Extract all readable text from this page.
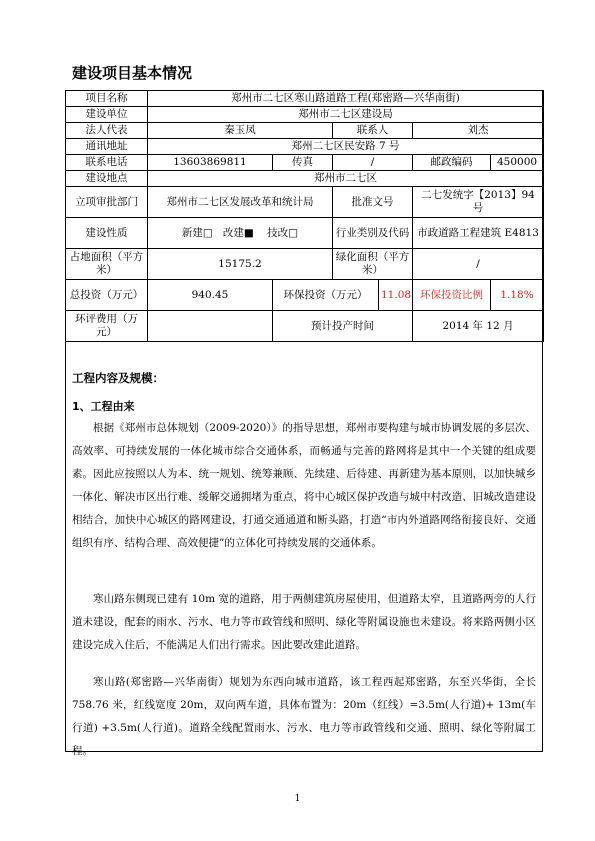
建设项目基本情况
项目名称	郑州市二七区寒山路道路工程(郑密路—兴华南街)					
建设单位	郑州市二七区建设局					
法人代表	秦玉凤		联系人		刘杰	
通讯地址	郑州二七区民安路 7 号					
联系电话	13603869811	传真	/		邮政编码	450000
建设地点	郑州市二七区					
立项审批部门	郑州市二七区发展改革和统计局		批准文号		二七发统字【2013】94 号	
建设性质	新建□ 改建■ 技改□		行业类别及代码		市政道路工程建筑 E4813	
占地面积（平方米）	15175.2		绿化面积（平方米）		/	
总投资（万元）	940.45	环保投资（万元）		11.08	环保投资比例	1.18%
环评费用（万元）		预计投产时间			2014 年 12 月	
工程内容及规模：
1、工程由来
根据《郑州市总体规划（2009-2020）》的指导思想，郑州市要构建与城市协调发展的多层次、高效率、可持续发展的一体化城市综合交通体系，而畅通与完善的路网将是其中一个关键的组成要素。因此应按照以人为本、统一规划、统筹兼顾、先续建、后待建、再新建为基本原则，以加快城乡一体化、解决市区出行难、缓解交通拥堵为重点，将中心城区保护改造与城中村改造、旧城改造建设相结合，加快中心城区的路网建设，打通交通通道和断头路，打造“市内外道路网络衔接良好、交通组织有序、结构合理、高效便捷”的立体化可持续发展的交通体系。
寒山路东侧现已建有 10m 宽的道路，用于两侧建筑房屋使用，但道路太窄，且道路两旁的人行道未建设，配套的雨水、污水、电力等市政管线和照明、绿化等附属设施也未建设。将来路两侧小区建设完成入住后，不能满足人们出行需求。因此要改建此道路。
寒山路(郑密路—兴华南街）规划为东西向城市道路，该工程西起郑密路，东至兴华街，全长 758.76 米，红线宽度 20m，双向两车道，具体布置为：20m（红线）=3.5m(人行道)+ 13m(车行道) +3.5m(人行道)。道路全线配置雨水、污水、电力等市政管线和交通、照明、绿化等附属工程。
1
